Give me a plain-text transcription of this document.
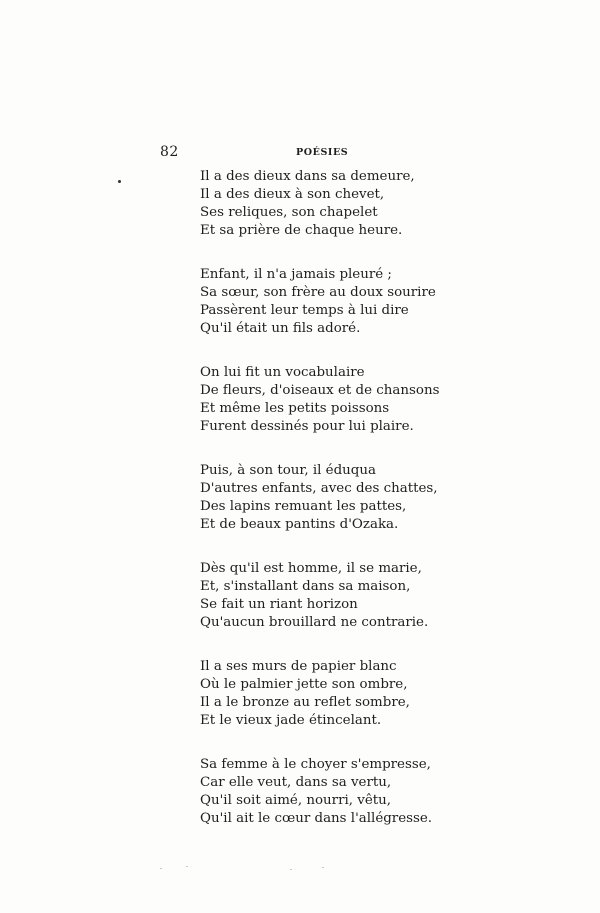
82	POÉSIES
Il a des dieux dans sa demeure,
Il a des dieux à son chevet,
Ses reliques, son chapelet
Et sa prière de chaque heure.
Enfant, il n'a jamais pleuré ;
Sa sœur, son frère au doux sourire
Passèrent leur temps à lui dire
Qu'il était un fils adoré.
On lui fit un vocabulaire
De fleurs, d'oiseaux et de chansons
Et même les petits poissons
Furent dessinés pour lui plaire.
Puis, à son tour, il éduqua
D'autres enfants, avec des chattes,
Des lapins remuant les pattes,
Et de beaux pantins d'Ozaka.
Dès qu'il est homme, il se marie,
Et, s'installant dans sa maison,
Se fait un riant horizon
Qu'aucun brouillard ne contrarie.
Il a ses murs de papier blanc
Où le palmier jette son ombre,
Il a le bronze au reflet sombre,
Et le vieux jade étincelant.
Sa femme à le choyer s'empresse,
Car elle veut, dans sa vertu,
Qu'il soit aimé, nourri, vêtu,
Qu'il ait le cœur dans l'allégresse.
